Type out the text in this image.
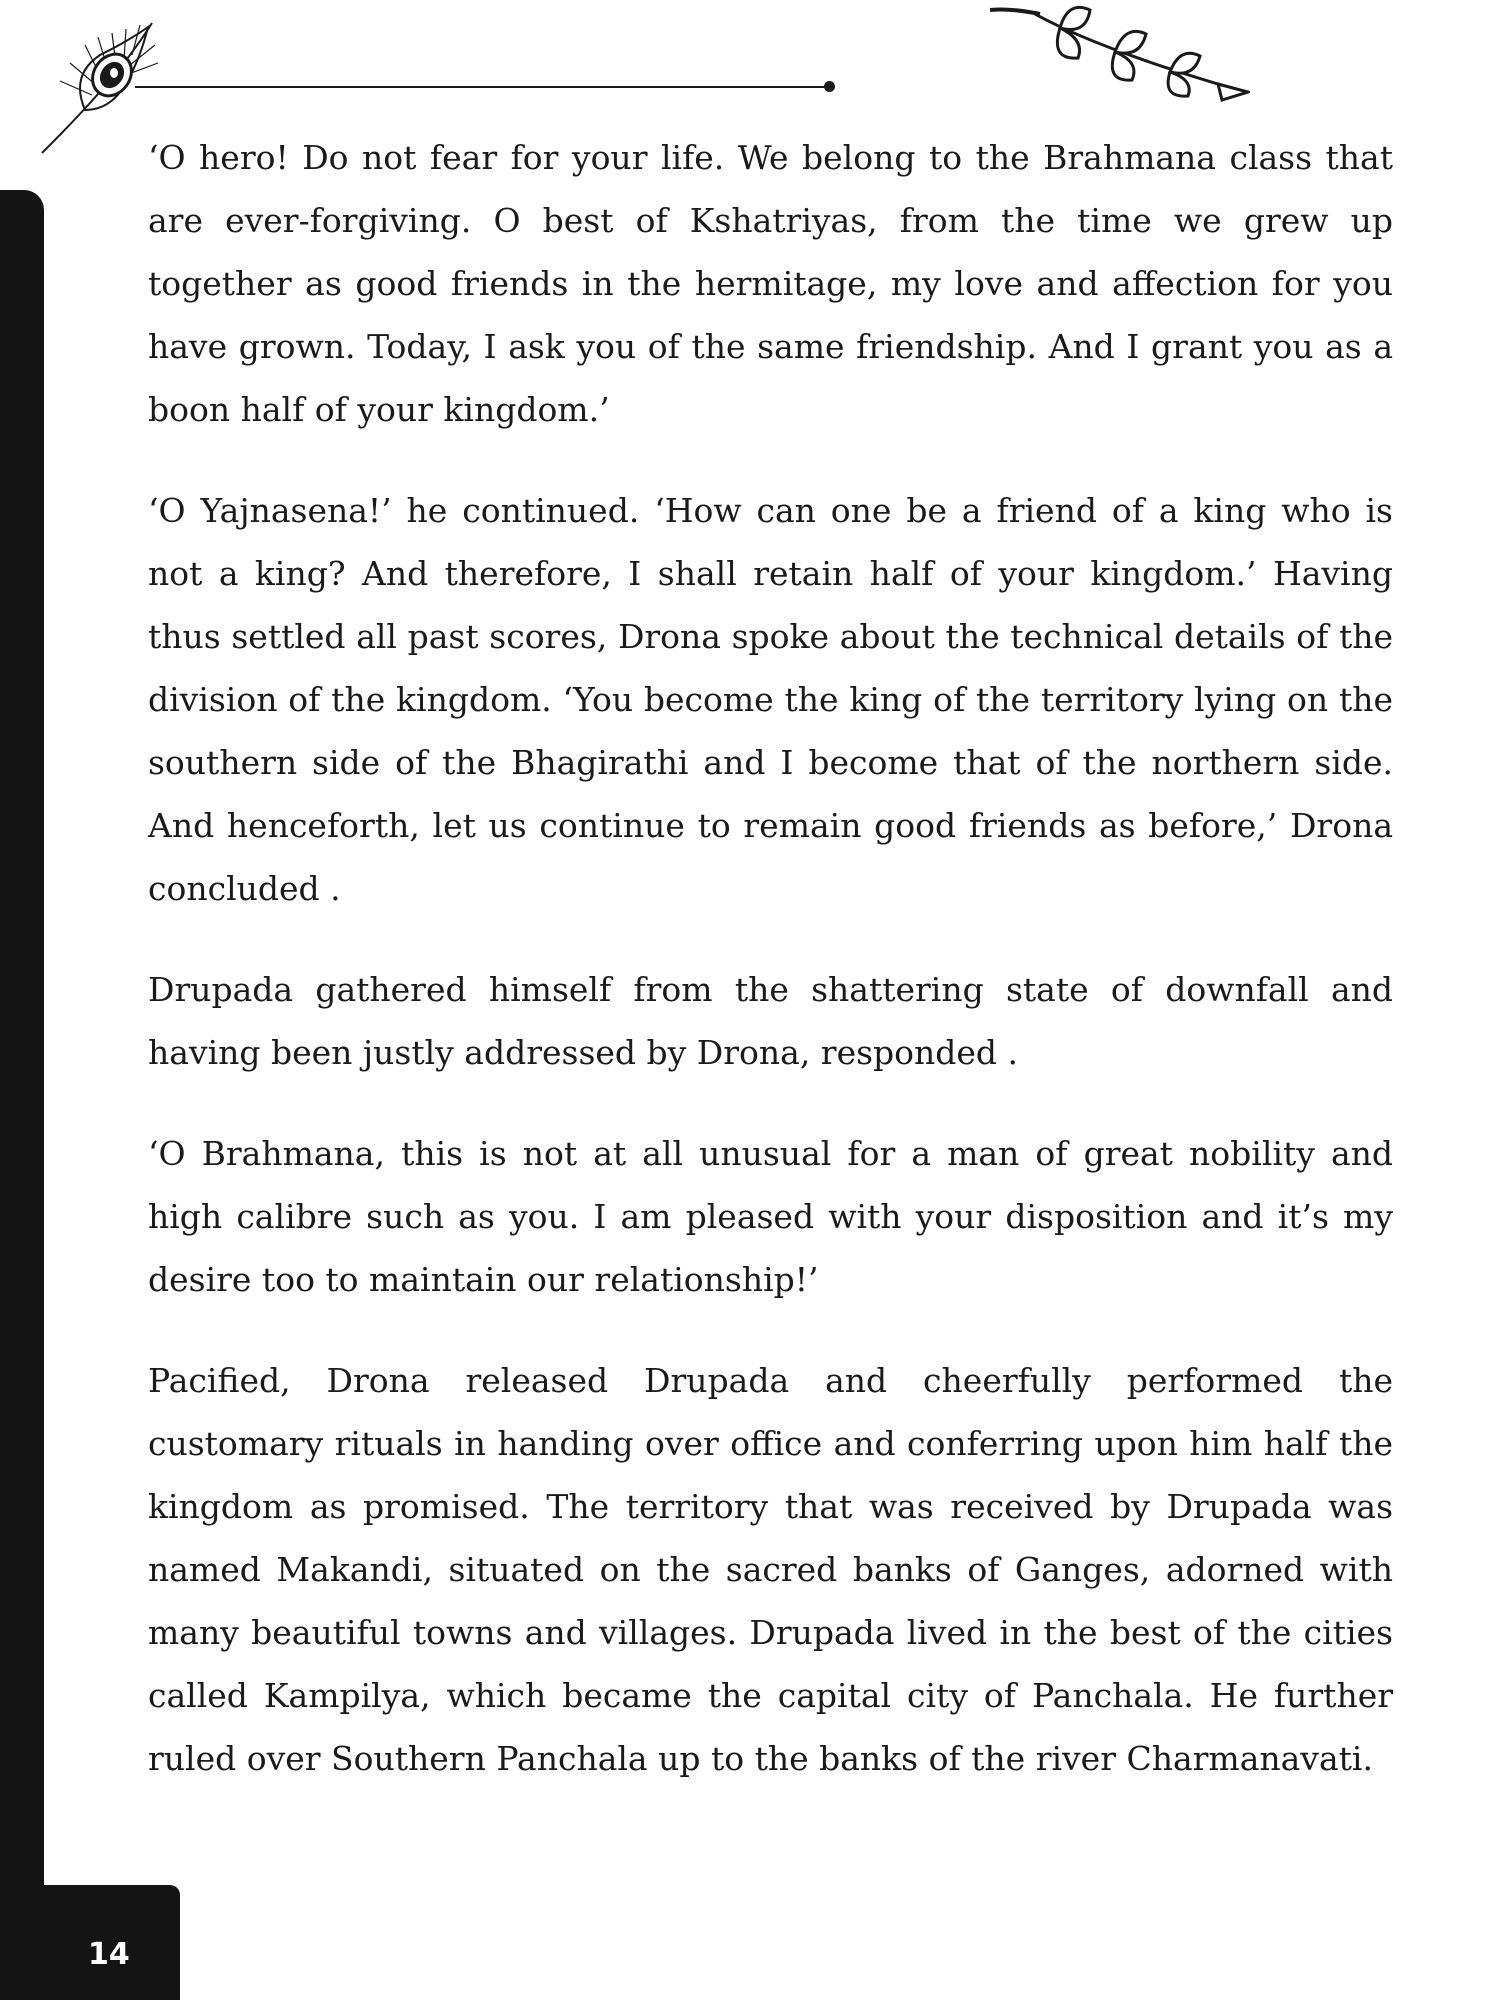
14

‘O hero! Do not fear for your life. We belong to the Brahmana class that are ever-forgiving. O best of Kshatriyas, from the time we grew up together as good friends in the hermitage, my love and affection for you have grown. Today, I ask you of the same friendship. And I grant you as a boon half of your kingdom.’

‘O Yajnasena!’ he continued. ‘How can one be a friend of a king who is not a king? And therefore, I shall retain half of your kingdom.’ Having thus settled all past scores, Drona spoke about the technical details of the division of the kingdom. ‘You become the king of the territory lying on the southern side of the Bhagirathi and I become that of the northern side. And henceforth, let us continue to remain good friends as before,’ Drona concluded .

Drupada gathered himself from the shattering state of downfall and having been justly addressed by Drona, responded .

‘O Brahmana, this is not at all unusual for a man of great nobility and high calibre such as you. I am pleased with your disposition and it’s my desire too to maintain our relationship!’

Pacified, Drona released Drupada and cheerfully performed the customary rituals in handing over office and conferring upon him half the kingdom as promised. The territory that was received by Drupada was named Makandi, situated on the sacred banks of Ganges, adorned with many beautiful towns and villages. Drupada lived in the best of the cities called Kampilya, which became the capital city of Panchala. He further ruled over Southern Panchala up to the banks of the river Charmanavati.
